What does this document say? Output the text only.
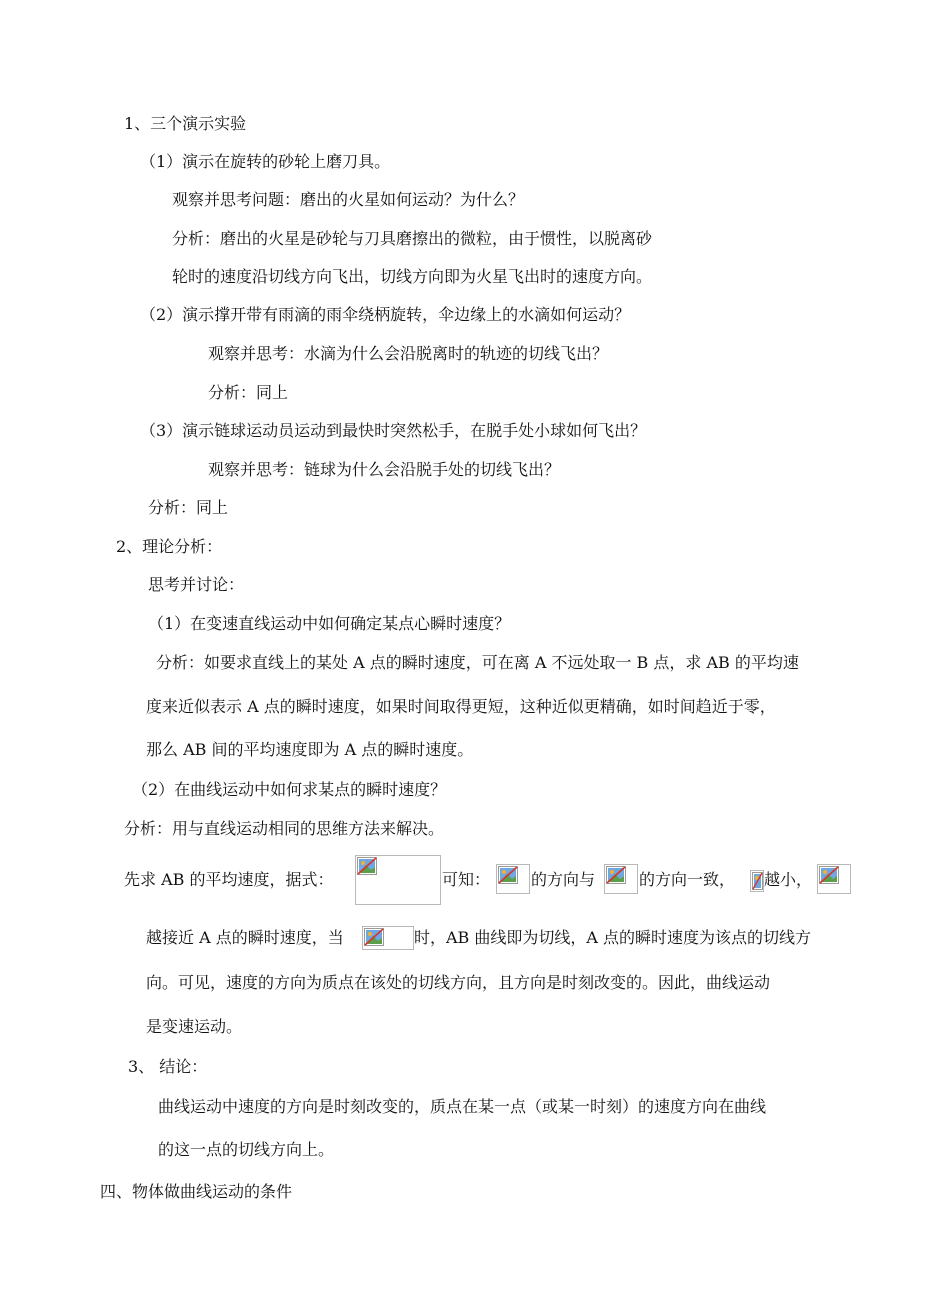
1、三个演示实验
（1）演示在旋转的砂轮上磨刀具。
观察并思考问题：磨出的火星如何运动？为什么？
分析：磨出的火星是砂轮与刀具磨擦出的微粒，由于惯性，以脱离砂
轮时的速度沿切线方向飞出，切线方向即为火星飞出时的速度方向。
（2）演示撑开带有雨滴的雨伞绕柄旋转，伞边缘上的水滴如何运动？
观察并思考：水滴为什么会沿脱离时的轨迹的切线飞出？
分析：同上
（3）演示链球运动员运动到最快时突然松手，在脱手处小球如何飞出？
观察并思考：链球为什么会沿脱手处的切线飞出？
分析：同上
2、理论分析：
思考并讨论：
（1）在变速直线运动中如何确定某点心瞬时速度？
分析：如要求直线上的某处 A 点的瞬时速度，可在离 A 不远处取一 B 点，求 AB 的平均速
度来近似表示 A 点的瞬时速度，如果时间取得更短，这种近似更精确，如时间趋近于零，
那么 AB 间的平均速度即为 A 点的瞬时速度。
（2）在曲线运动中如何求某点的瞬时速度？
分析：用与直线运动相同的思维方法来解决。
先求 AB 的平均速度，据式：	可知：	的方向与	的方向一致， 越小，
越接近 A 点的瞬时速度，当	时，AB 曲线即为切线，A 点的瞬时速度为该点的切线方
向。可见，速度的方向为质点在该处的切线方向，且方向是时刻改变的。因此，曲线运动
是变速运动。
3、 结论：
曲线运动中速度的方向是时刻改变的，质点在某一点（或某一时刻）的速度方向在曲线
的这一点的切线方向上。
四、物体做曲线运动的条件
